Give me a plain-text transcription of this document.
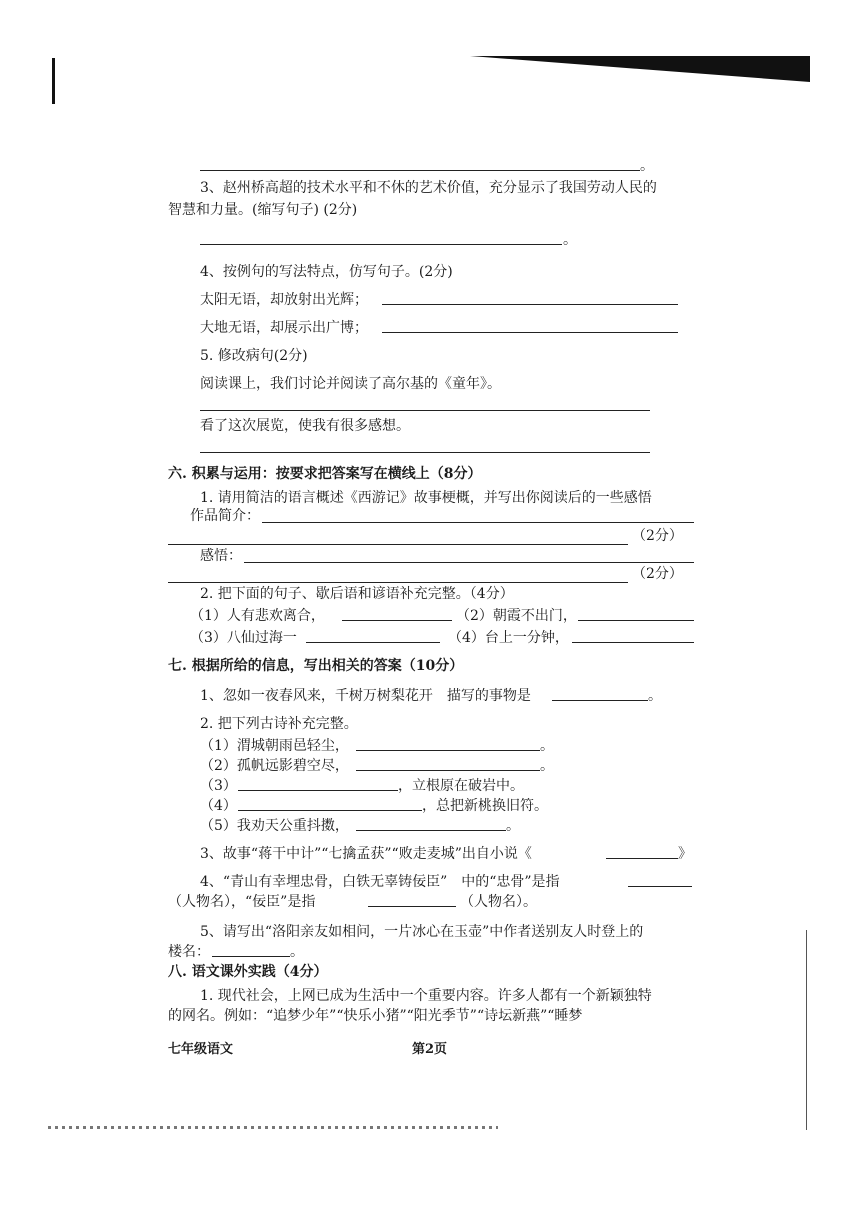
。
3、赵州桥高超的技术水平和不休的艺术价值，充分显示了我国劳动人民的
智慧和力量。(缩写句子) (2分)
。
4、按例句的写法特点，仿写句子。(2分)
太阳无语，却放射出光辉；
大地无语，却展示出广博；
5. 修改病句(2分)
阅读课上，我们讨论并阅读了高尔基的《童年》。
看了这次展览，使我有很多感想。
六. 积累与运用：按要求把答案写在横线上（8分）
1. 请用简洁的语言概述《西游记》故事梗概，并写出你阅读后的一些感悟
作品简介：
（2分）
感悟：
（2分）
2. 把下面的句子、歇后语和谚语补充完整。（4分）
（1）人有悲欢离合，	（2）朝霞不出门，
（3）八仙过海一	（4）台上一分钟，
七. 根据所给的信息，写出相关的答案（10分）
1、忽如一夜春风来，千树万树梨花开　描写的事物是	。
2. 把下列古诗补充完整。
（1）渭城朝雨邑轻尘，	。
（2）孤帆远影碧空尽，	。
（3）	，立根原在破岩中。
（4）	，总把新桃换旧符。
（5）我劝天公重抖擞，	。
3、故事“蒋干中计”“七擒孟获”“败走麦城”出自小说《	》
4、“青山有幸埋忠骨，白铁无辜铸佞臣”　中的“忠骨”是指
（人物名），“佞臣”是指	（人物名）。
5、请写出“洛阳亲友如相问，一片冰心在玉壶”中作者送别友人时登上的
楼名：	。
八. 语文课外实践（4分）
1. 现代社会，上网已成为生活中一个重要内容。许多人都有一个新颖独特
的网名。例如：“追梦少年”“快乐小猪”“阳光季节”“诗坛新燕”“睡梦
七年级语文	第2页
